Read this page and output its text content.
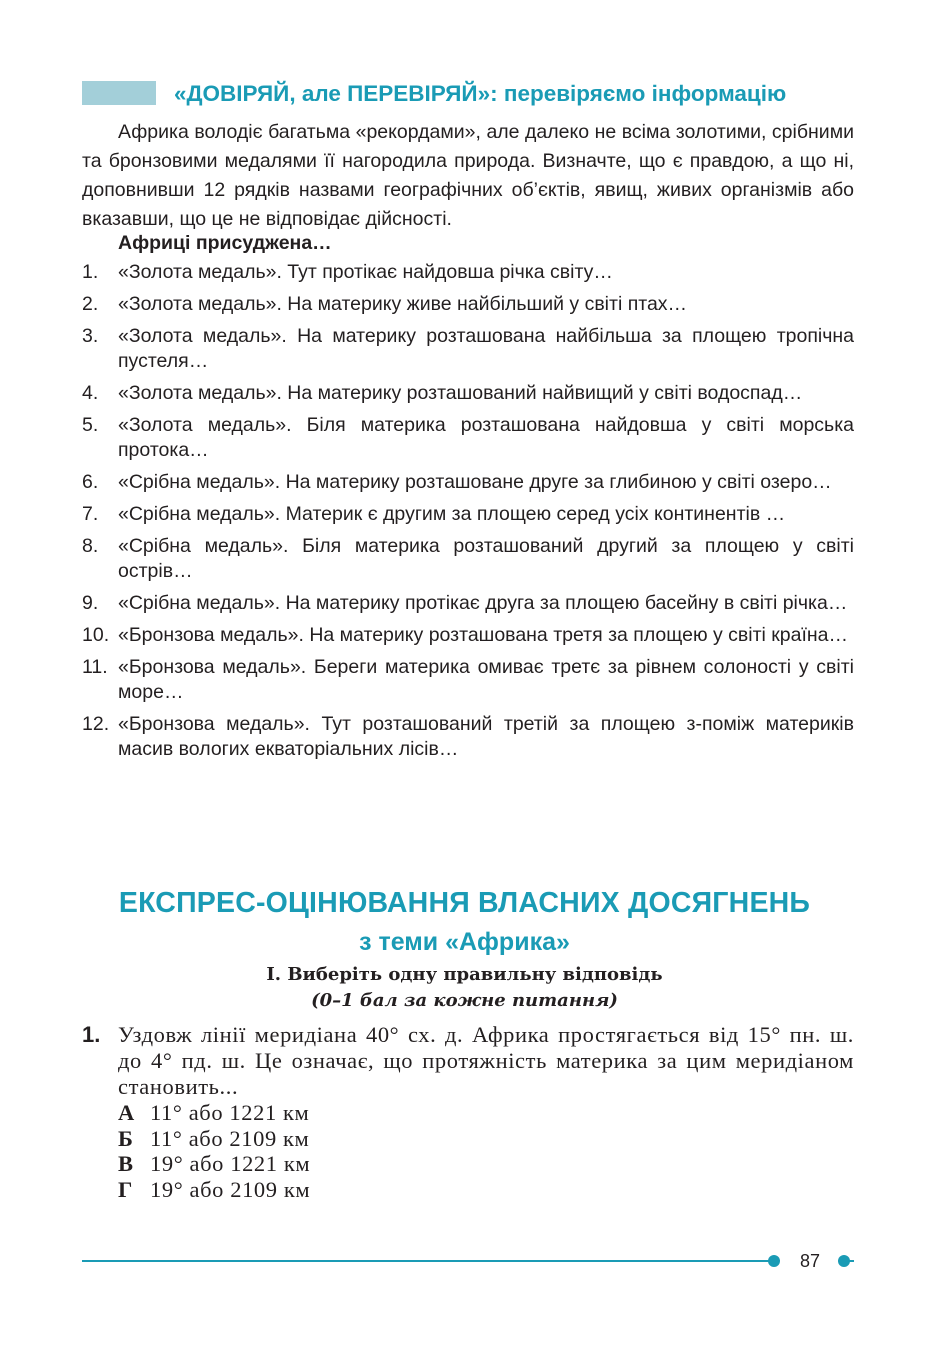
«ДОВІРЯЙ, але ПЕРЕВІРЯЙ»: перевіряємо інформацію

Африка володіє багатьма «рекордами», але далеко не всіма золотими, срібними та бронзовими медалями її нагородила природа. Визначте, що є правдою, а що ні, доповнивши 12 рядків назвами географічних об’єктів, явищ, живих організмів або вказавши, що це не відповідає дійсності.

Африці присуджена…
1. «Золота медаль». Тут протікає найдовша річка світу…
2. «Золота медаль». На материку живе найбільший у світі птах…
3. «Золота медаль». На материку розташована найбільша за площею тропічна пустеля…
4. «Золота медаль». На материку розташований найвищий у світі водоспад…
5. «Золота медаль». Біля материка розташована найдовша у світі морська протока…
6. «Срібна медаль». На материку розташоване друге за глибиною у світі озеро…
7. «Срібна медаль». Материк є другим за площею серед усіх континентів …
8. «Срібна медаль». Біля материка розташований другий за площею у світі острів…
9. «Срібна медаль». На материку протікає друга за площею басейну в світі річка…
10. «Бронзова медаль». На материку розташована третя за площею у світі країна…
11. «Бронзова медаль». Береги материка омиває третє за рівнем солоності у світі море…
12. «Бронзова медаль». Тут розташований третій за площею з-поміж материків масив вологих екваторіальних лісів…
ЕКСПРЕС-ОЦІНЮВАННЯ ВЛАСНИХ ДОСЯГНЕНЬ
з теми «Африка»
I. Виберіть одну правильну відповідь
(0–1 бал за кожне питання)
1. Уздовж лінії меридіана 40° сх. д. Африка простягається від 15° пн. ш. до 4° пд. ш. Це означає, що протяжність материка за цим меридіаном становить...
А 11° або 1221 км
Б 11° або 2109 км
В 19° або 1221 км
Г 19° або 2109 км
87
